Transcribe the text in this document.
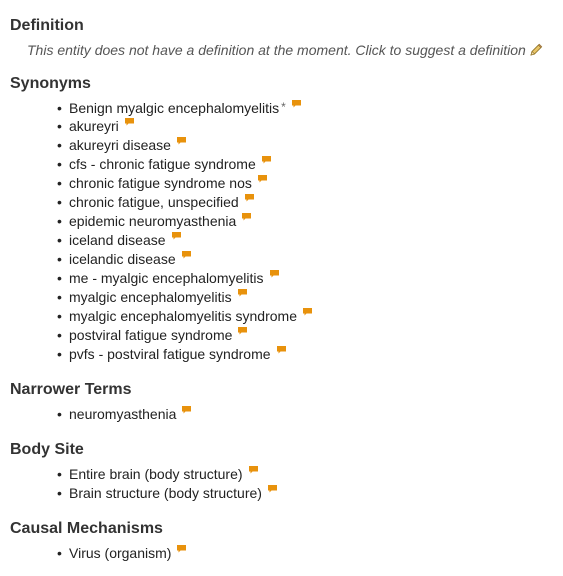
Definition
This entity does not have a definition at the moment. Click to suggest a definition
Synonyms
• Benign myalgic encephalomyelitis *
• akureyri
• akureyri disease
• cfs - chronic fatigue syndrome
• chronic fatigue syndrome nos
• chronic fatigue, unspecified
• epidemic neuromyasthenia
• iceland disease
• icelandic disease
• me - myalgic encephalomyelitis
• myalgic encephalomyelitis
• myalgic encephalomyelitis syndrome
• postviral fatigue syndrome
• pvfs - postviral fatigue syndrome
Narrower Terms
• neuromyasthenia
Body Site
• Entire brain (body structure)
• Brain structure (body structure)
Causal Mechanisms
• Virus (organism)
